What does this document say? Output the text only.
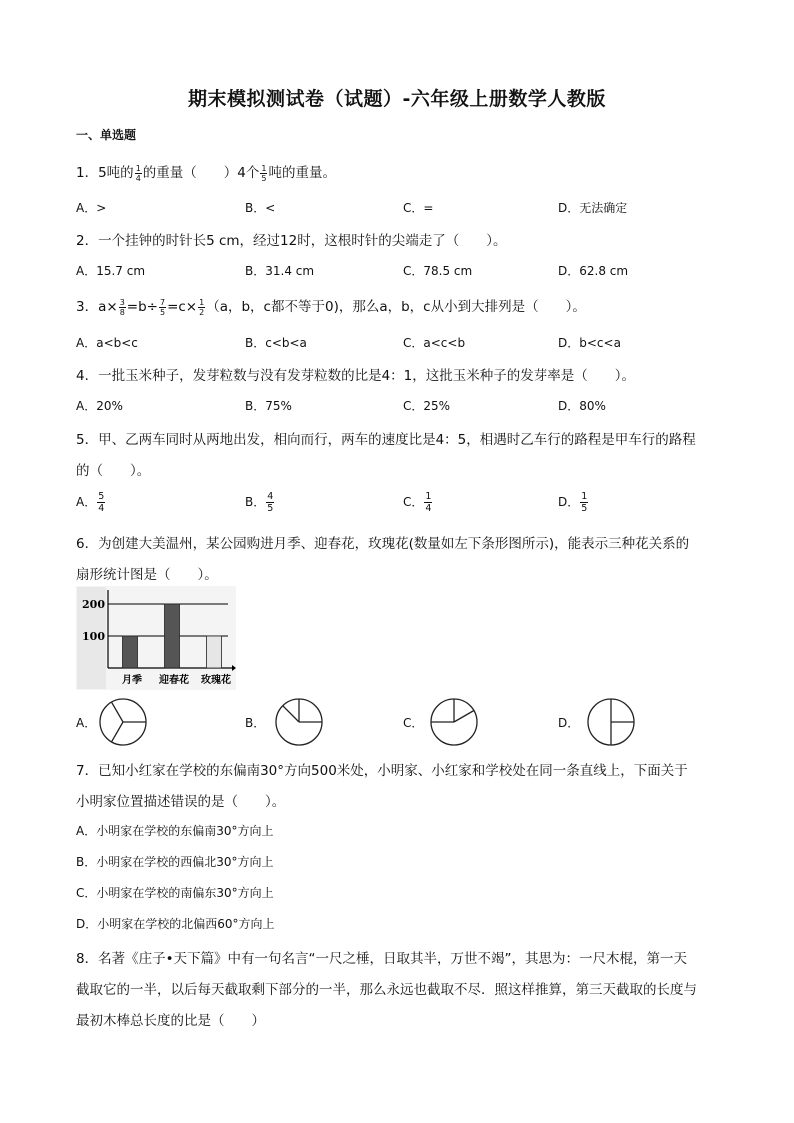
期末模拟测试卷（试题）-六年级上册数学人教版
一、单选题
1．5吨的 $\frac{1}{4}$ 的重量（　　）4个 $\frac{1}{5}$ 吨的重量。
A．>	B．<	C．=	D．无法确定
2．一个挂钟的时针长5 cm，经过12时，这根时针的尖端走了（　　）。
A．15.7 cm	B．31.4 cm	C．78.5 cm	D．62.8 cm
3．$a\times \frac{3}{8} =b\div \frac{7}{5} =c\times \frac{1}{2} (a$，b，c都不等于0)，那么a，b，c从小到大排列是（　　）。
A．a<b<c	B．c<b<a	C．a<c<b	D．b<c<a
4．一批玉米种子，发芽粒数与没有发芽粒数的比是4：1，这批玉米种子的发芽率是（　　）。
A．20%	B．75%	C．25%	D．80%
5．甲、乙两车同时从两地出发，相向而行，两车的速度比是4：5，相遇时乙车行的路程是甲车行的路程
的（　　）。
A． $\frac{5}{4}$	B． $\frac{4}{5}$	C． $\frac{1}{4}$	D． $\frac{1}{5}$
6．为创建大美温州，某公园购进月季、迎春花，玫瑰花(数量如左下条形图所示)，能表示三种花关系的
扇形统计图是（　　）。
100
200
月季 迎春花 玫瑰花
A．	B．	C．	D．
7．已知小红家在学校的东偏南30°方向500米处，小明家、小红家和学校处在同一条直线上，下面关于
小明家位置描述错误的是（　　）。
A．小明家在学校的东偏南30°方向上
B．小明家在学校的西偏北30°方向上
C．小明家在学校的南偏东30°方向上
D．小明家在学校的北偏西60°方向上
8．名著《庄子•天下篇》中有一句名言“一尺之棰，日取其半，万世不竭”，其思为：一尺木棍，第一天
截取它的一半，以后每天截取剩下部分的一半，那么永远也截取不尽．照这样推算，第三天截取的长度与
最初木棒总长度的比是（　　）
